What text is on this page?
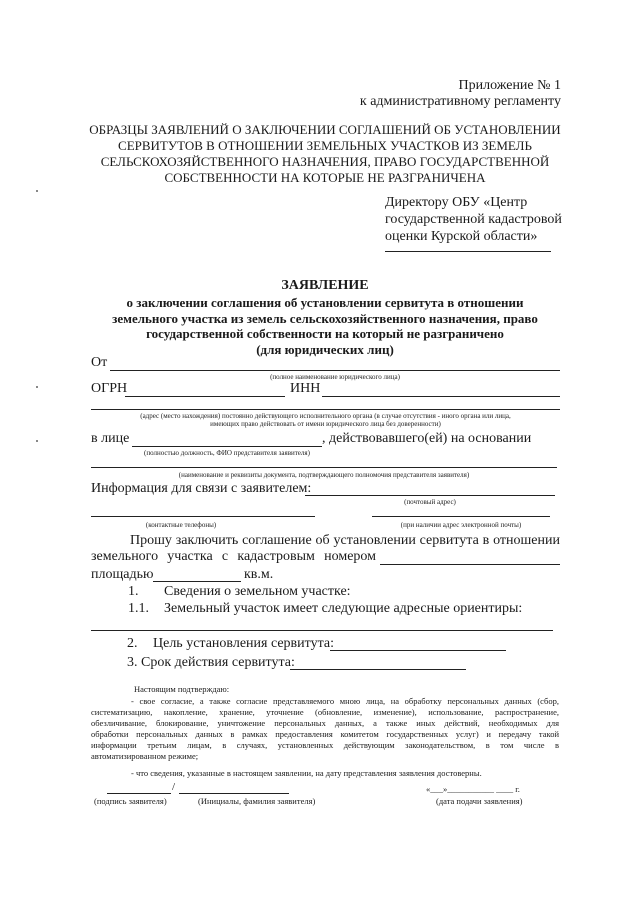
Приложение № 1
к административному регламенту
ОБРАЗЦЫ ЗАЯВЛЕНИЙ О ЗАКЛЮЧЕНИИ СОГЛАШЕНИЙ ОБ УСТАНОВЛЕНИИ
СЕРВИТУТОВ В ОТНОШЕНИИ ЗЕМЕЛЬНЫХ УЧАСТКОВ ИЗ ЗЕМЕЛЬ
СЕЛЬСКОХОЗЯЙСТВЕННОГО НАЗНАЧЕНИЯ, ПРАВО ГОСУДАРСТВЕННОЙ
СОБСТВЕННОСТИ НА КОТОРЫЕ НЕ РАЗГРАНИЧЕНА
Директору ОБУ «Центр
государственной кадастровой
оценки Курской области»
ЗАЯВЛЕНИЕ
о заключении соглашения об установлении сервитута в отношении
земельного участка из земель сельскохозяйственного назначения, право
государственной собственности на который не разграничено
(для юридических лиц)
От
(полное наименование юридического лица)
ОГРН	ИНН
(адрес (место нахождения) постоянно действующего исполнительного органа (в случае отсутствия - иного органа или лица,
имеющих право действовать от имени юридического лица без доверенности)
в лице	, действовавшего(ей) на основании
(полностью должность, ФИО представителя заявителя)
(наименование и реквизиты документа, подтверждающего полномочия представителя заявителя)
Информация для связи с заявителем:
(почтовый адрес)
(контактные телефоны)	(при наличии адрес электронной почты)
Прошу заключить соглашение об установлении сервитута в отношении
земельного участка с кадастровым номером
площадью	кв.м.
1. Сведения о земельном участке:
1.1. Земельный участок имеет следующие адресные ориентиры:
2. Цель установления сервитута:
3. Срок действия сервитута:
Настоящим подтверждаю:
- свое согласие, а также согласие представляемого мною лица, на обработку персональных данных (сбор,
систематизацию, накопление, хранение, уточнение (обновление, изменение), использование, распространение,
обезличивание, блокирование, уничтожение персональных данных, а также иных действий, необходимых для
обработки персональных данных в рамках предоставления комитетом государственных услуг) и передачу такой
информации третьим лицам, в случаях, установленных действующим законодательством, в том числе в
автоматизированном режиме;
- что сведения, указанные в настоящем заявлении, на дату представления заявления достоверны.
/	«___»___________ ____ г.
(подпись заявителя)	(Инициалы, фамилия заявителя)	(дата подачи заявления)
